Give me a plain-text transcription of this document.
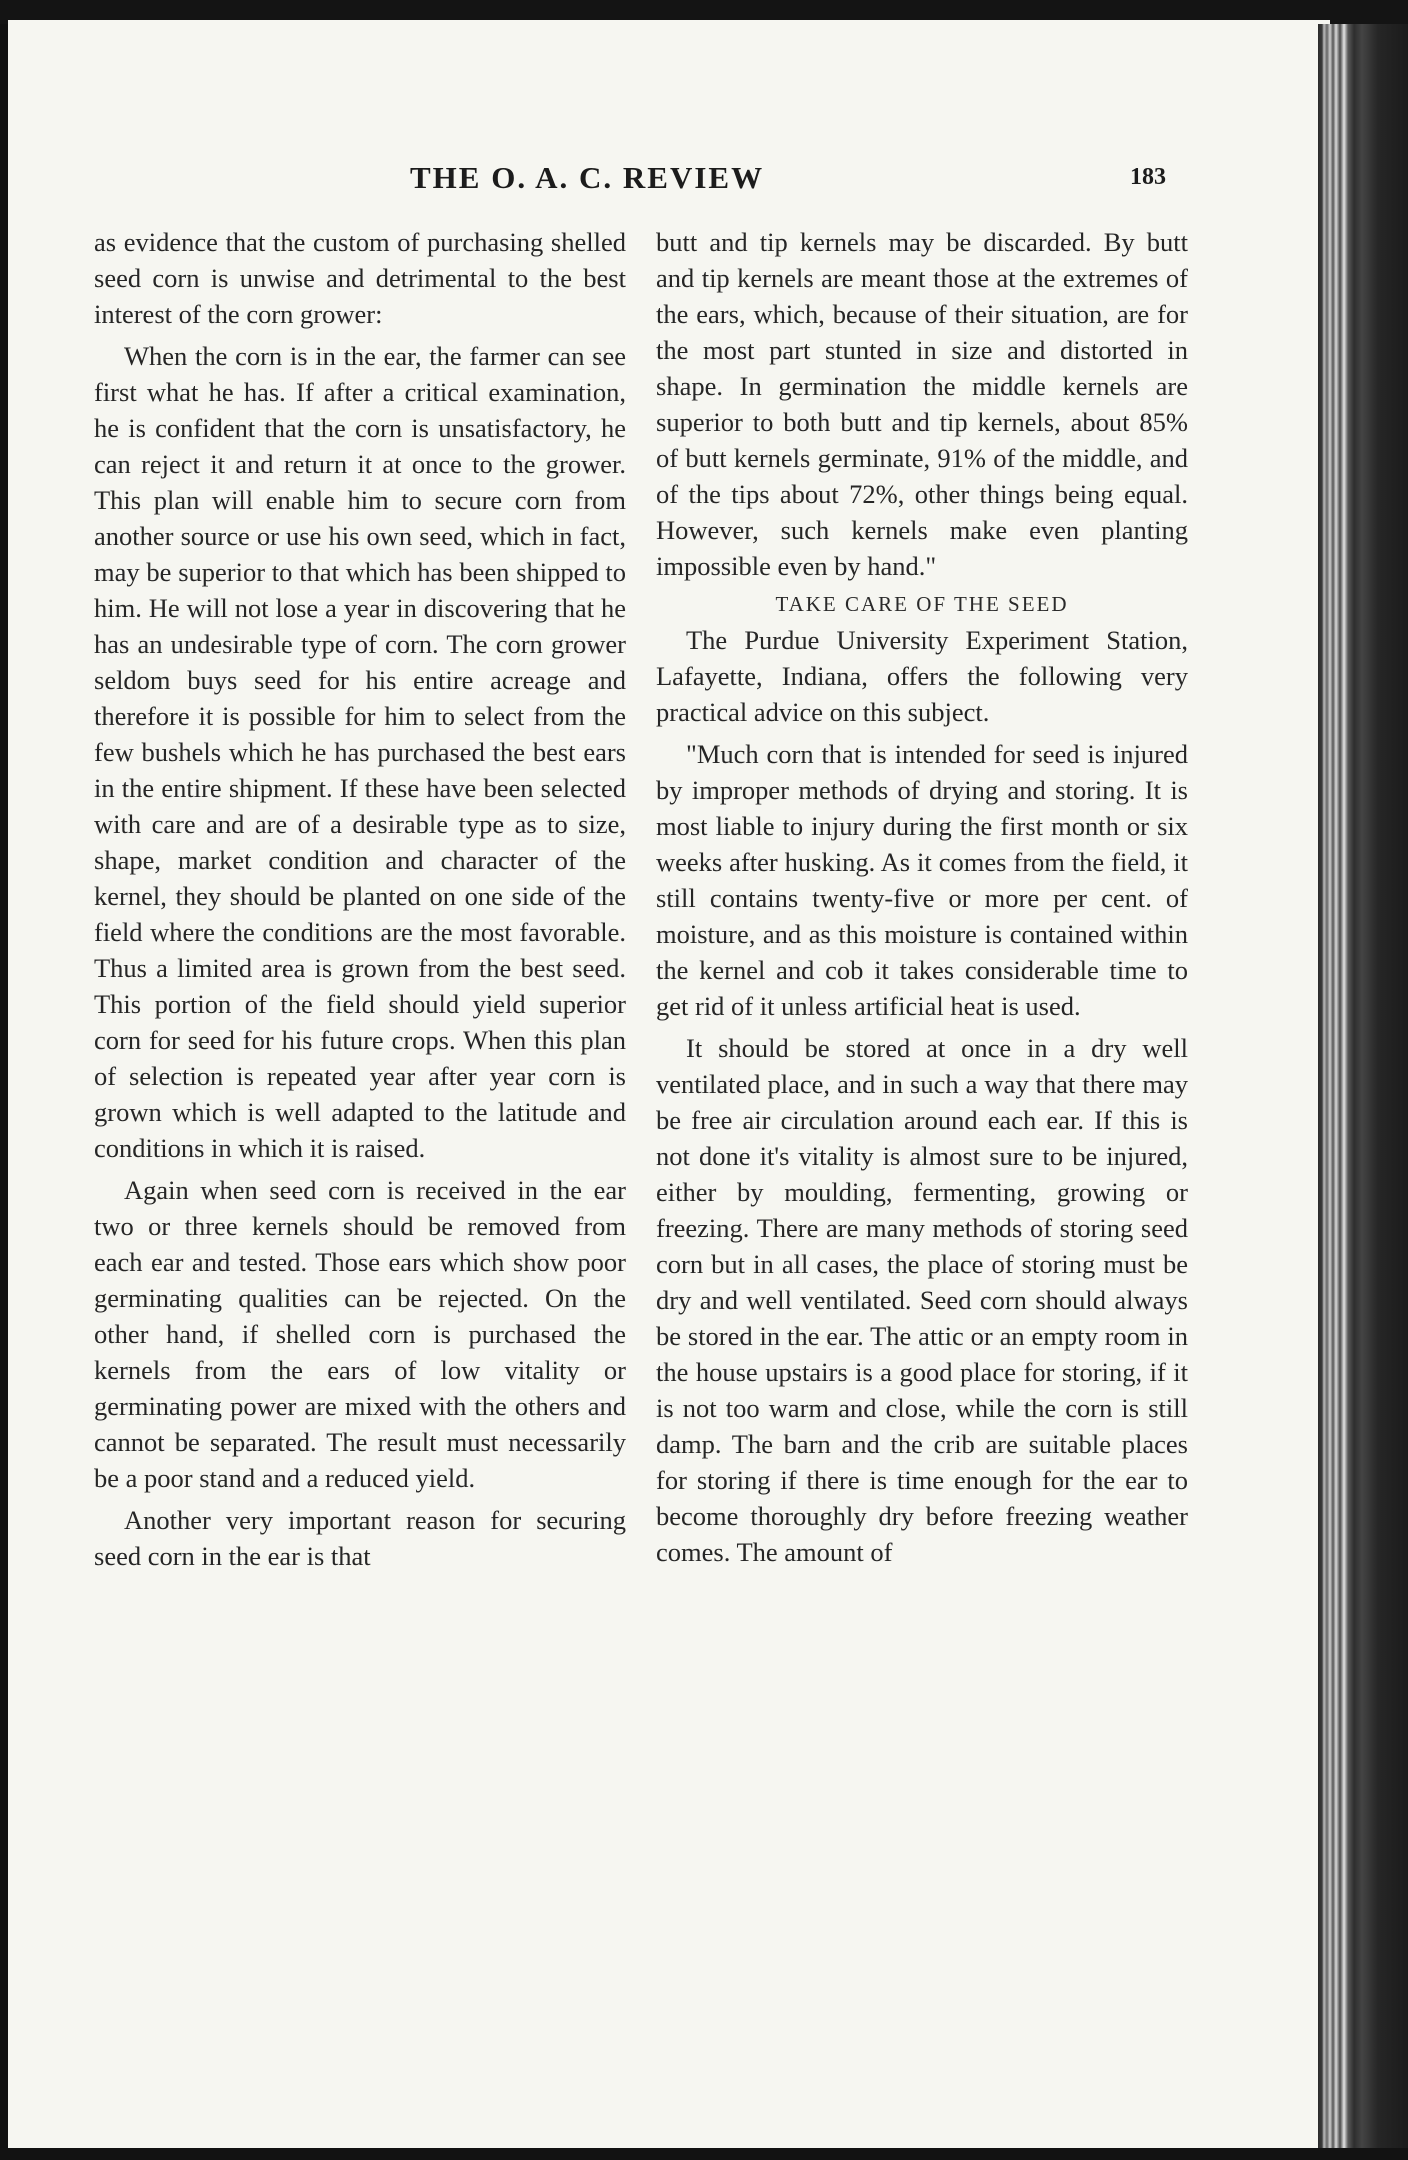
THE O. A. C. REVIEW	183

as evidence that the custom of purchasing shelled seed corn is unwise and detrimental to the best interest of the corn grower:

When the corn is in the ear, the farmer can see first what he has. If after a critical examination, he is confident that the corn is unsatisfactory, he can reject it and return it at once to the grower. This plan will enable him to secure corn from another source or use his own seed, which in fact, may be superior to that which has been shipped to him. He will not lose a year in discovering that he has an undesirable type of corn. The corn grower seldom buys seed for his entire acreage and therefore it is possible for him to select from the few bushels which he has purchased the best ears in the entire shipment. If these have been selected with care and are of a desirable type as to size, shape, market condition and character of the kernel, they should be planted on one side of the field where the conditions are the most favorable. Thus a limited area is grown from the best seed. This portion of the field should yield superior corn for seed for his future crops. When this plan of selection is repeated year after year corn is grown which is well adapted to the latitude and conditions in which it is raised.

Again when seed corn is received in the ear two or three kernels should be removed from each ear and tested. Those ears which show poor germinating qualities can be rejected. On the other hand, if shelled corn is purchased the kernels from the ears of low vitality or germinating power are mixed with the others and cannot be separated. The result must necessarily be a poor stand and a reduced yield.

Another very important reason for securing seed corn in the ear is that

butt and tip kernels may be discarded. By butt and tip kernels are meant those at the extremes of the ears, which, because of their situation, are for the most part stunted in size and distorted in shape. In germination the middle kernels are superior to both butt and tip kernels, about 85% of butt kernels germinate, 91% of the middle, and of the tips about 72%, other things being equal. However, such kernels make even planting impossible even by hand."

TAKE CARE OF THE SEED

The Purdue University Experiment Station, Lafayette, Indiana, offers the following very practical advice on this subject.

"Much corn that is intended for seed is injured by improper methods of drying and storing. It is most liable to injury during the first month or six weeks after husking. As it comes from the field, it still contains twenty-five or more per cent. of moisture, and as this moisture is contained within the kernel and cob it takes considerable time to get rid of it unless artificial heat is used.

It should be stored at once in a dry well ventilated place, and in such a way that there may be free air circulation around each ear. If this is not done it's vitality is almost sure to be injured, either by moulding, fermenting, growing or freezing. There are many methods of storing seed corn but in all cases, the place of storing must be dry and well ventilated. Seed corn should always be stored in the ear. The attic or an empty room in the house upstairs is a good place for storing, if it is not too warm and close, while the corn is still damp. The barn and the crib are suitable places for storing if there is time enough for the ear to become thoroughly dry before freezing weather comes. The amount of
